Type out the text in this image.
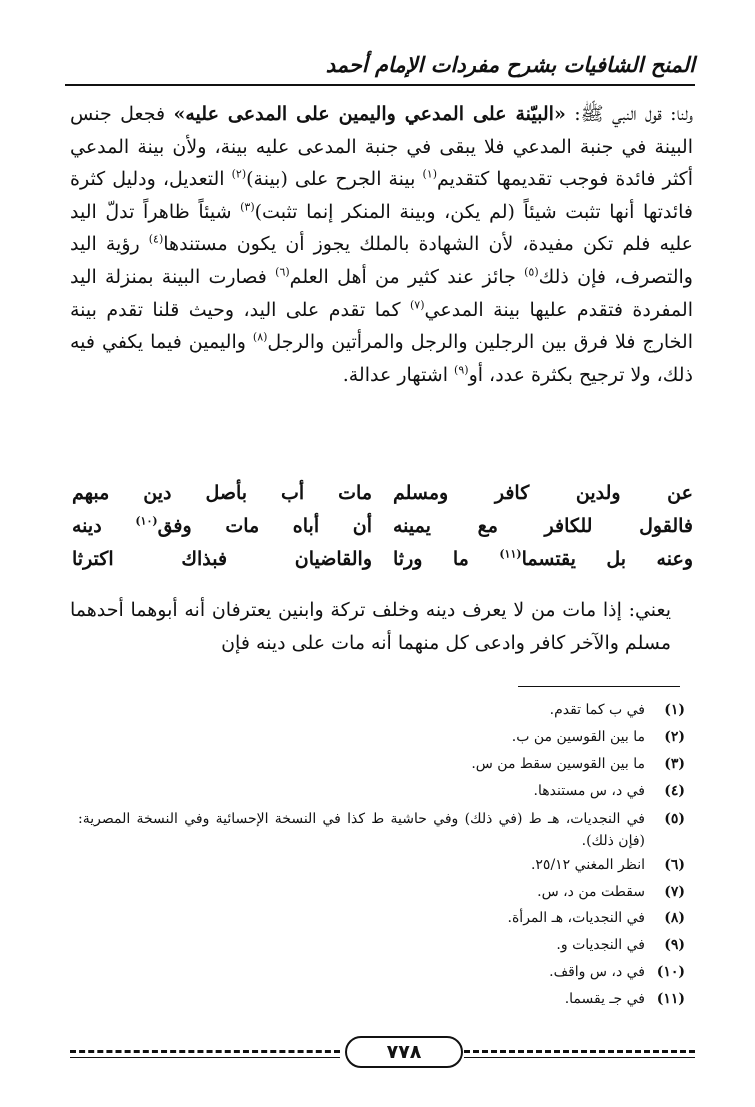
المنح الشافيات بشرح مفردات الإمام أحمد

ولنا: قول النبي ﷺ: «البيّنة على المدعي واليمين على المدعى عليه» فجعل جنس البينة في جنبة المدعي فلا يبقى في جنبة المدعى عليه بينة، ولأن بينة المدعي أكثر فائدة فوجب تقديمها كتقديم$^{(١)}$ بينة الجرح على (بينة)$^{(٢)}$ التعديل، ودليل كثرة فائدتها أنها تثبت شيئاً (لم يكن، وبينة المنكر إنما تثبت)$^{(٣)}$ شيئاً ظاهراً تدلّ اليد عليه فلم تكن مفيدة، لأن الشهادة بالملك يجوز أن يكون مستندها$^{(٤)}$ رؤية اليد والتصرف، فإن ذلك$^{(٥)}$ جائز عند كثير من أهل العلم$^{(٦)}$ فصارت البينة بمنزلة اليد المفردة فتقدم عليها بينة المدعي$^{(٧)}$ كما تقدم على اليد، وحيث قلنا تقدم بينة الخارج فلا فرق بين الرجلين والرجل والمرأتين والرجل$^{(٨)}$ واليمين فيما يكفي فيه ذلك، ولا ترجيح بكثرة عدد، أو$^{(٩)}$ اشتهار عدالة.

عن ولدين كافر ومسلم
مات أب بأصل دين مبهم
فالقول للكافر مع يمينه
أن أباه مات وفق$^{(١٠)}$ دينه
وعنه بل يقتسما$^{(١١)}$ ما ورثا
والقاضيان فبذاك اكترثا

يعني: إذا مات من لا يعرف دينه وخلف تركة وابنين يعترفان أنه أبوهما أحدهما مسلم والآخر كافر وادعى كل منهما أنه مات على دينه فإن

(١)
في ب كما تقدم.
(٢)
ما بين القوسين من ب.
(٣)
ما بين القوسين سقط من س.
(٤)
في د، س مستندها.
(٥)
في النجديات، هـ ط (في ذلك) وفي حاشية ط كذا في النسخة الإحسائية وفي النسخة المصرية: (فإن ذلك).
(٦)
انظر المغني ٢٥/١٢.
(٧)
سقطت من د، س.
(٨)
في النجديات، هـ المرأة.
(٩)
في النجديات و.
(١٠)
في د، س واقف.
(١١)
في جـ يقسما.
٧٧٨
